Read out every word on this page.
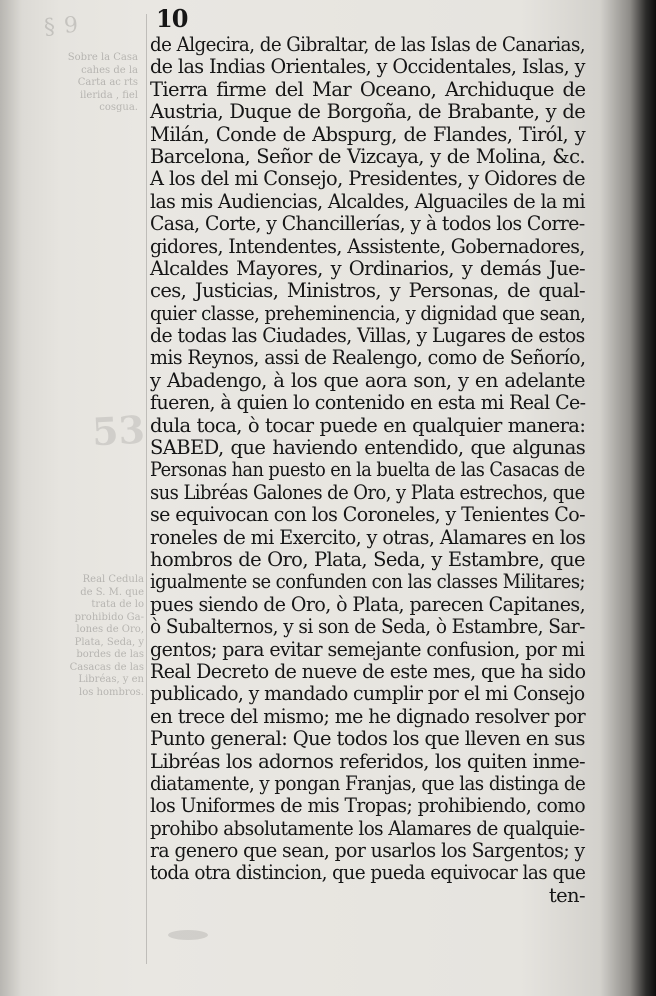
§ 9
Sobre la Casa
cahes de la
Carta ac rts
ilerida , fiel
cosgua.
53
Real Cedula
de S. M. que
trata de lo
prohibido Ga-
lones de Oro,
Plata, Seda, y
bordes de las
Casacas de las
Libréas, y en
los hombros.
10
de Algecira, de Gibraltar, de las Islas de Canarias,
de las Indias Orientales, y Occidentales, Islas, y
Tierra firme del Mar Oceano, Archiduque de
Austria, Duque de Borgoña, de Brabante, y de
Milán, Conde de Abspurg, de Flandes, Tiról, y
Barcelona, Señor de Vizcaya, y de Molina, &c.
A los del mi Consejo, Presidentes, y Oidores de
las mis Audiencias, Alcaldes, Alguaciles de la mi
Casa, Corte, y Chancillerías, y à todos los Corre-
gidores, Intendentes, Assistente, Gobernadores,
Alcaldes Mayores, y Ordinarios, y demás Jue-
ces, Justicias, Ministros, y Personas, de qual-
quier classe, preheminencia, y dignidad que sean,
de todas las Ciudades, Villas, y Lugares de estos
mis Reynos, assi de Realengo, como de Señorío,
y Abadengo, à los que aora son, y en adelante
fueren, à quien lo contenido en esta mi Real Ce-
dula toca, ò tocar puede en qualquier manera:
SABED, que haviendo entendido, que algunas
Personas han puesto en la buelta de las Casacas de
sus Libréas Galones de Oro, y Plata estrechos, que
se equivocan con los Coroneles, y Tenientes Co-
roneles de mi Exercito, y otras, Alamares en los
hombros de Oro, Plata, Seda, y Estambre, que
igualmente se confunden con las classes Militares;
pues siendo de Oro, ò Plata, parecen Capitanes,
ò Subalternos, y si son de Seda, ò Estambre, Sar-
gentos; para evitar semejante confusion, por mi
Real Decreto de nueve de este mes, que ha sido
publicado, y mandado cumplir por el mi Consejo
en trece del mismo; me he dignado resolver por
Punto general: Que todos los que lleven en sus
Libréas los adornos referidos, los quiten inme-
diatamente, y pongan Franjas, que las distinga de
los Uniformes de mis Tropas; prohibiendo, como
prohibo absolutamente los Alamares de qualquie-
ra genero que sean, por usarlos los Sargentos; y
toda otra distincion, que pueda equivocar las que
ten-
